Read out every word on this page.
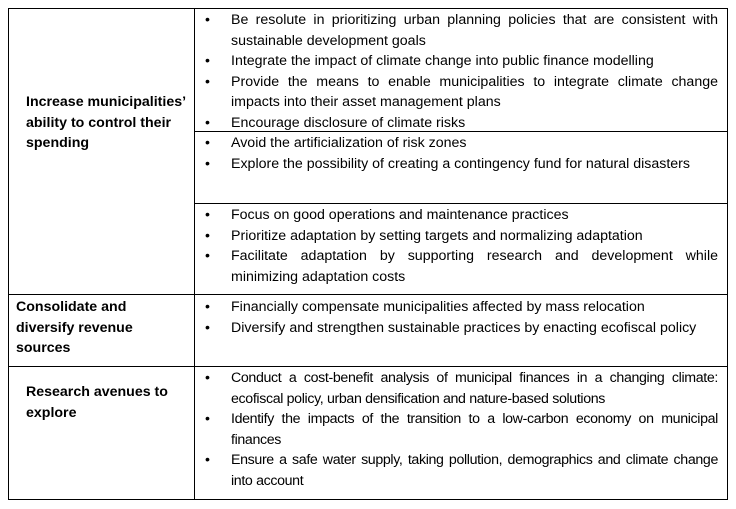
Increase municipalities’ ability to control their spending
• Be resolute in prioritizing urban planning policies that are consistent with sustainable development goals
• Integrate the impact of climate change into public finance modelling
• Provide the means to enable municipalities to integrate climate change impacts into their asset management plans
• Encourage disclosure of climate risks
• Avoid the artificialization of risk zones
• Explore the possibility of creating a contingency fund for natural disasters
• Focus on good operations and maintenance practices
• Prioritize adaptation by setting targets and normalizing adaptation
• Facilitate adaptation by supporting research and development while minimizing adaptation costs
Consolidate and diversify revenue sources
• Financially compensate municipalities affected by mass relocation
• Diversify and strengthen sustainable practices by enacting ecofiscal policy
Research avenues to explore
• Conduct a cost-benefit analysis of municipal finances in a changing climate: ecofiscal policy, urban densification and nature-based solutions
• Identify the impacts of the transition to a low-carbon economy on municipal finances
• Ensure a safe water supply, taking pollution, demographics and climate change into account
